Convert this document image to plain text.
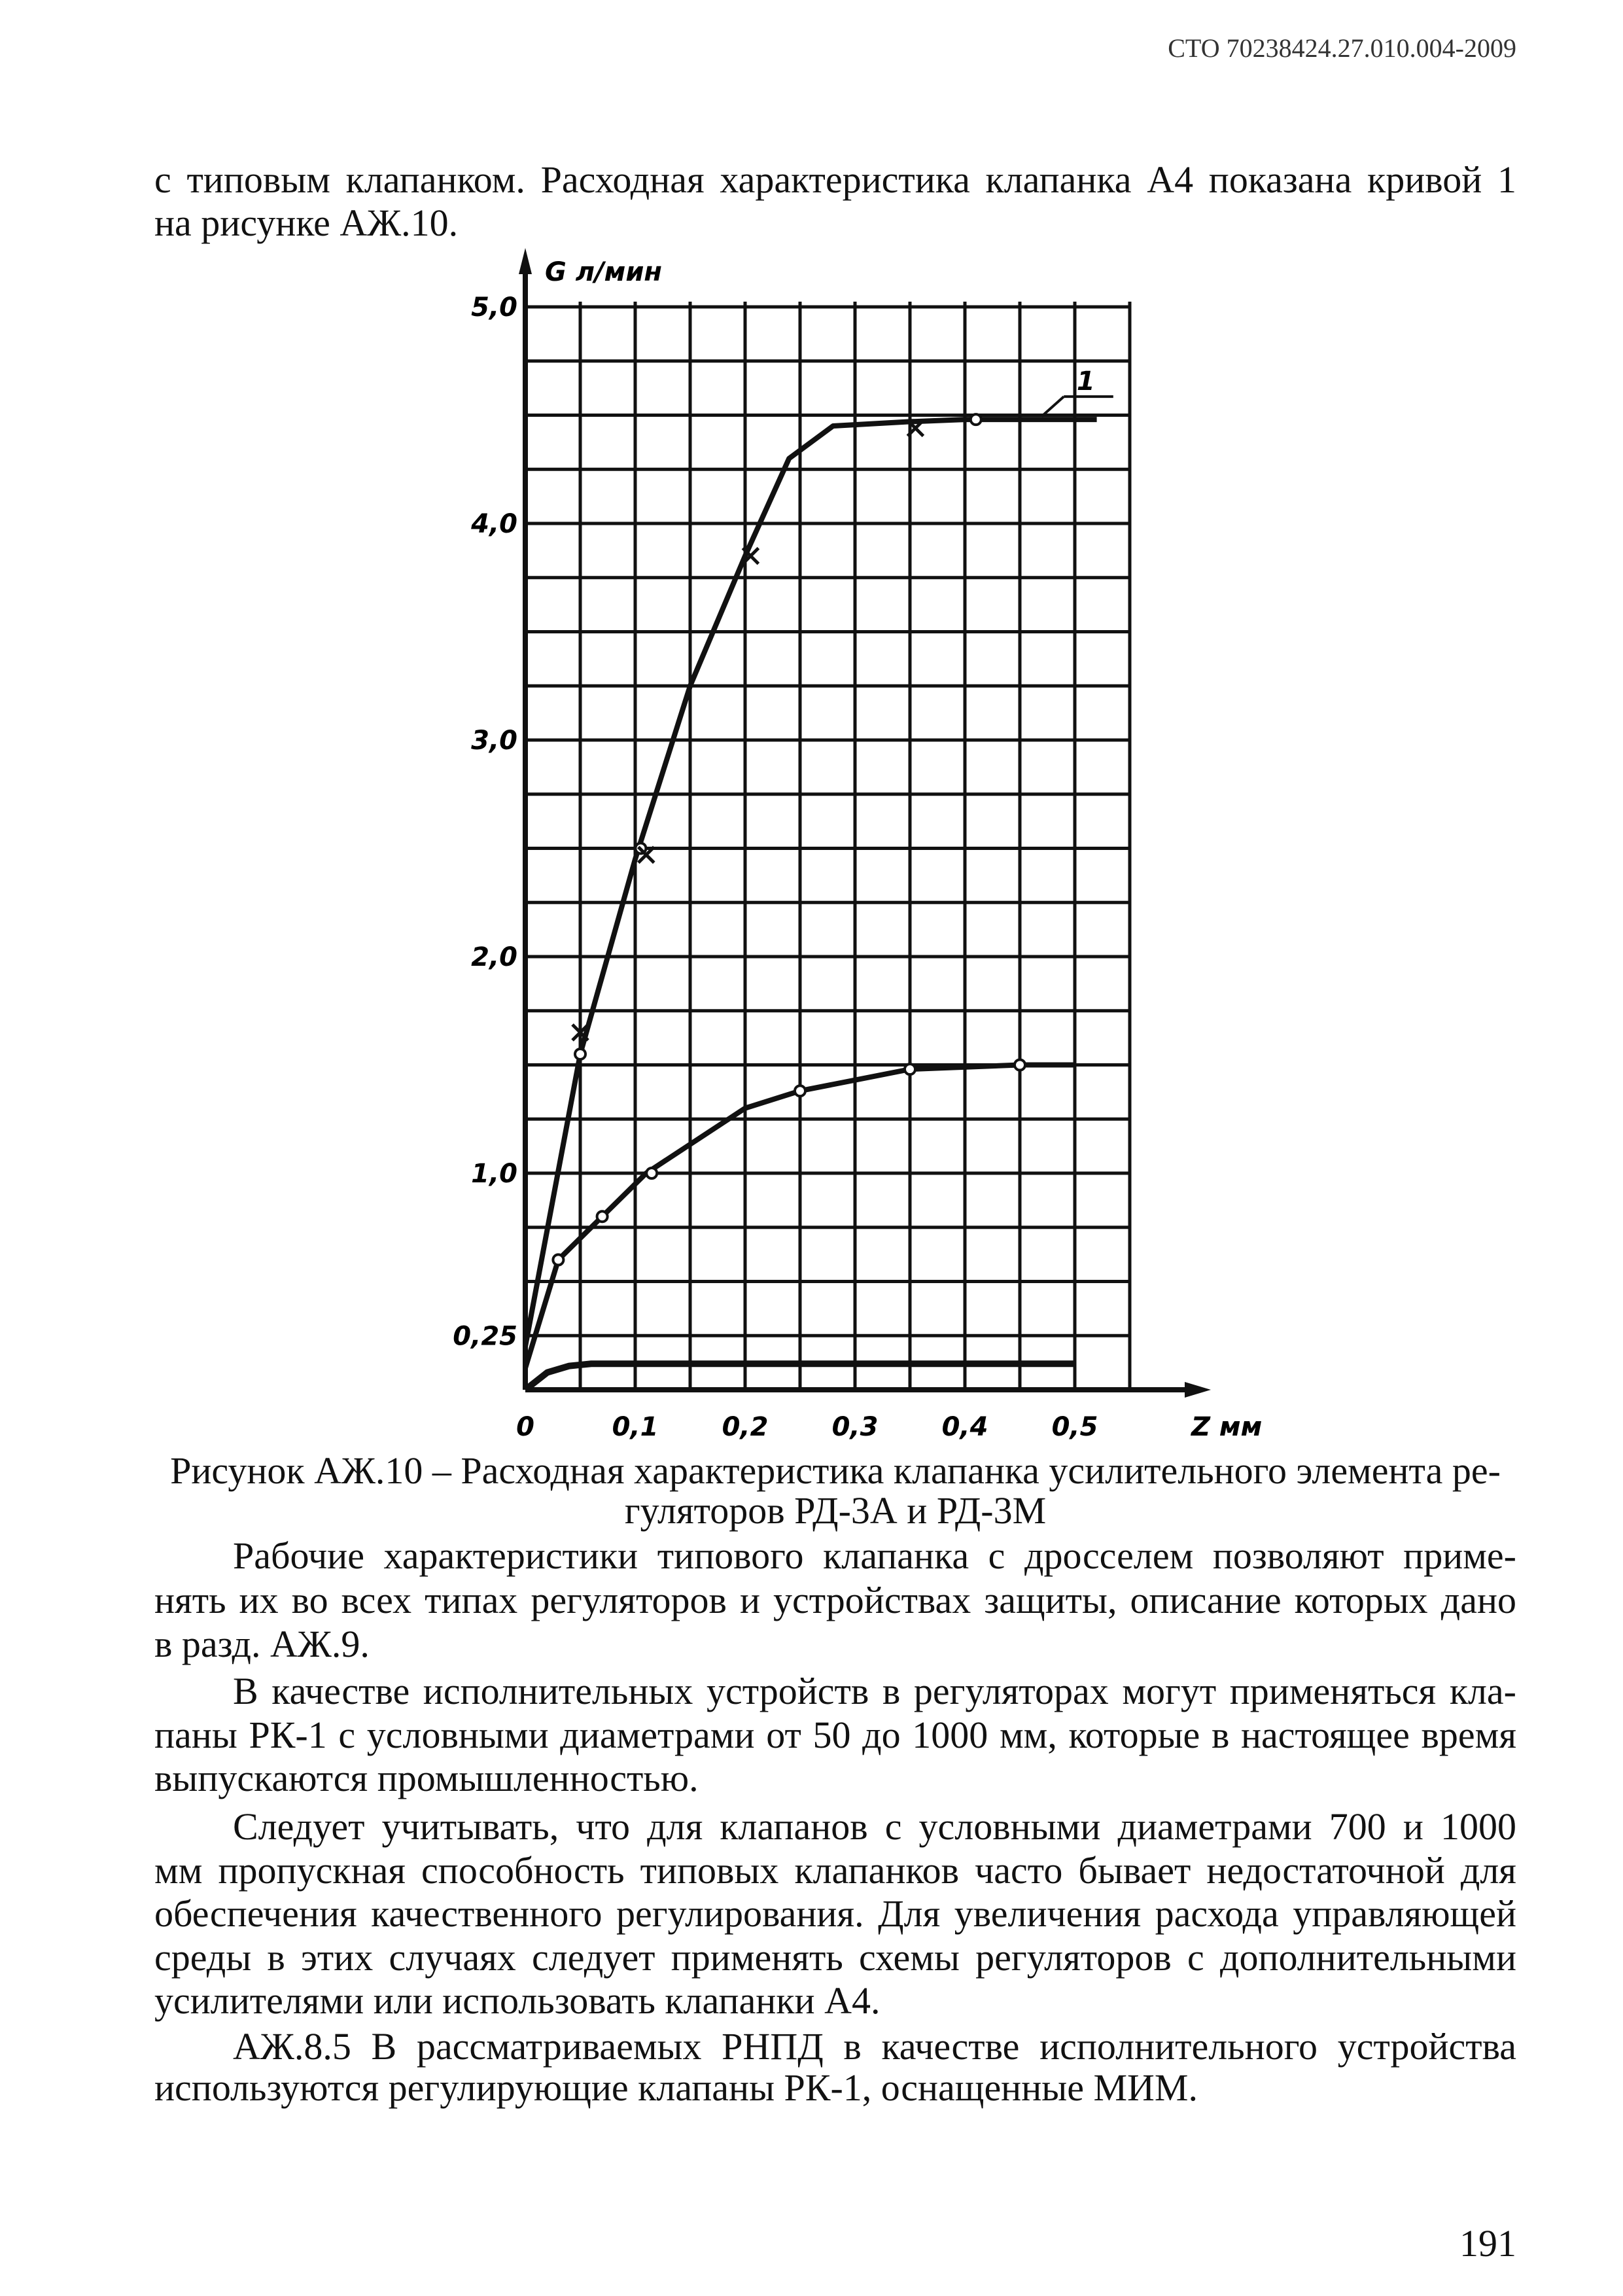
СТО 70238424.27.010.004-2009
с типовым клапанком. Расходная характеристика клапанка А4 показана кривой 1
на рисунке АЖ.10.
0	0,1 0,2 0,3 0,4 0,5
0,25
1,0
2,0
3,0
4,0
5,0
G л/мин
Z мм
1
Рисунок АЖ.10 – Расходная характеристика клапанка усилительного элемента ре-
гуляторов РД-3А и РД-3М
Рабочие характеристики типового клапанка с дросселем позволяют приме-
нять их во всех типах регуляторов и устройствах защиты, описание которых дано
в разд. АЖ.9.
В качестве исполнительных устройств в регуляторах могут применяться кла-
паны РК-1 с условными диаметрами от 50 до 1000 мм, которые в настоящее время
выпускаются промышленностью.
Следует учитывать, что для клапанов с условными диаметрами 700 и 1000
мм пропускная способность типовых клапанков часто бывает недостаточной для
обеспечения качественного регулирования. Для увеличения расхода управляющей
среды в этих случаях следует применять схемы регуляторов с дополнительными
усилителями или использовать клапанки А4.
АЖ.8.5 В рассматриваемых РНПД в качестве исполнительного устройства
используются регулирующие клапаны РК-1, оснащенные МИМ.
191
